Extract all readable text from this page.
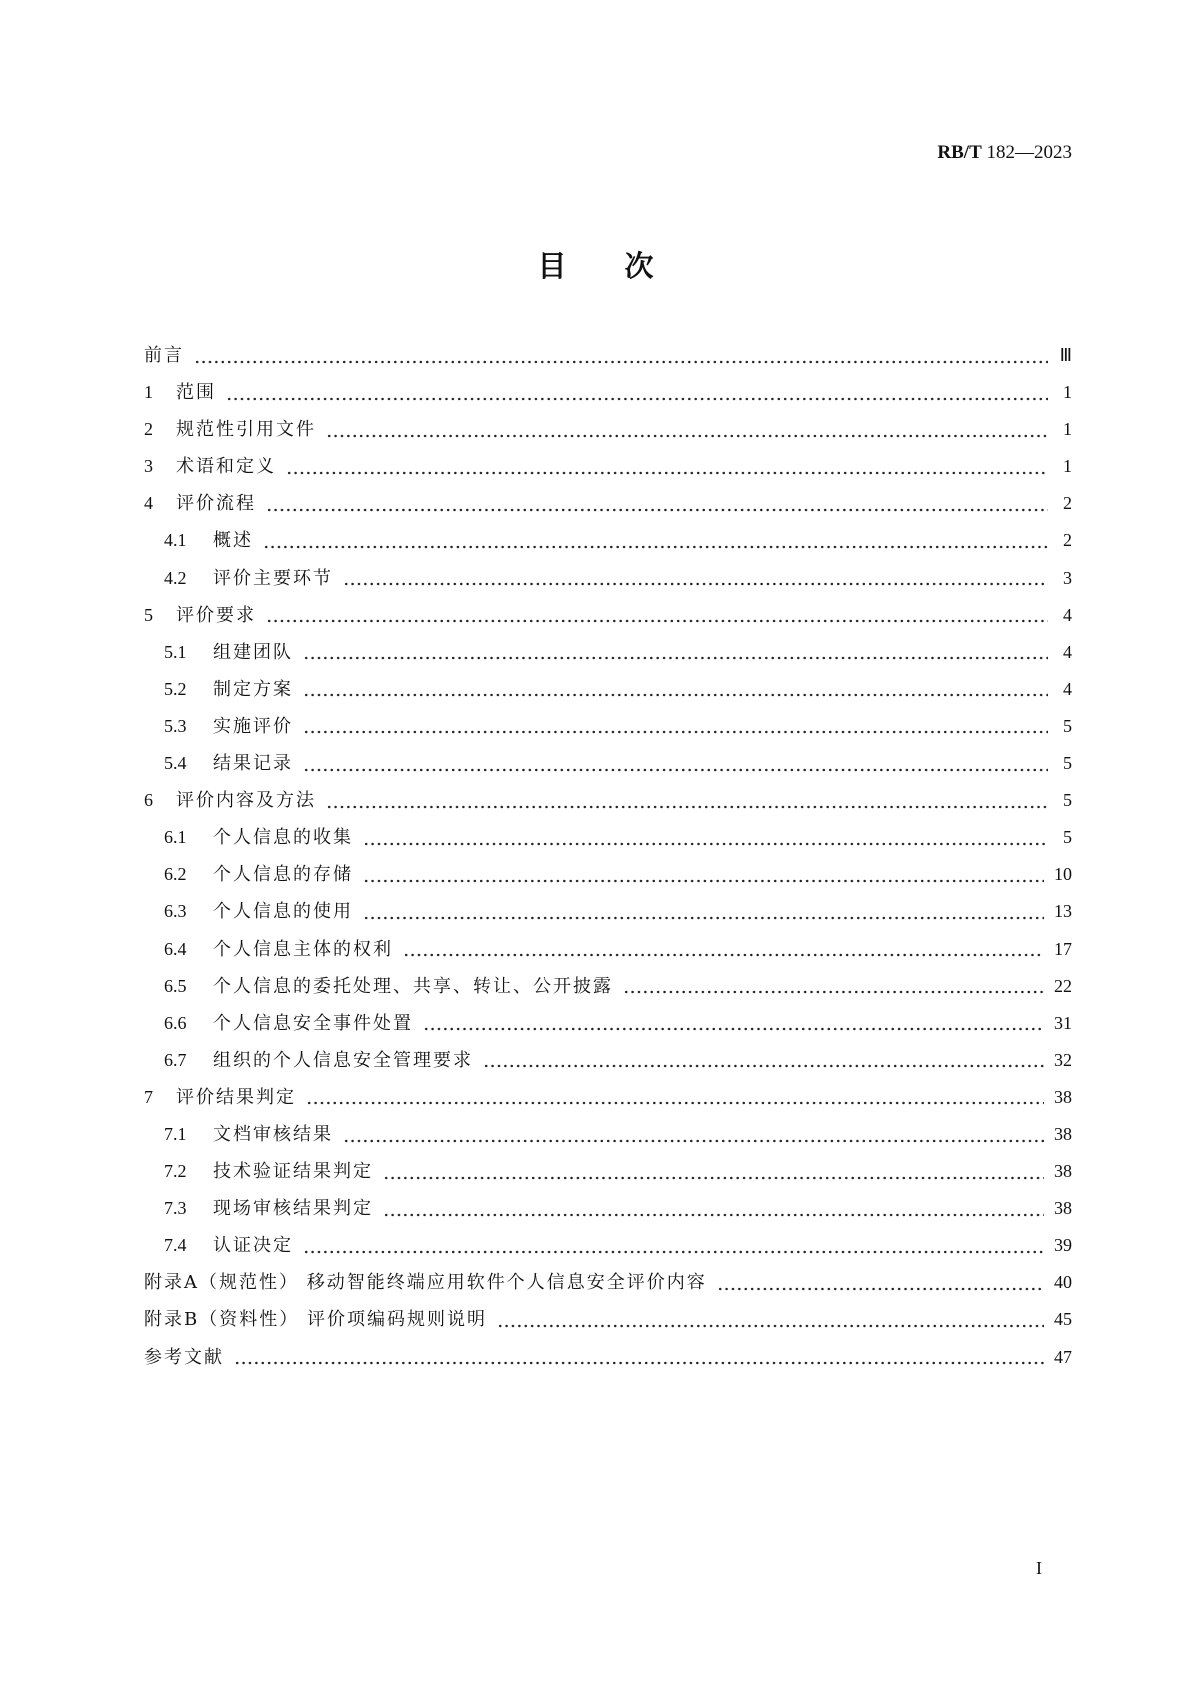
RB/T 182—2023
目次
前言	Ⅲ
1	范围	1
2	规范性引用文件	1
3	术语和定义	1
4	评价流程	2
4.1	概述	2
4.2	评价主要环节	3
5	评价要求	4
5.1	组建团队	4
5.2	制定方案	4
5.3	实施评价	5
5.4	结果记录	5
6	评价内容及方法	5
6.1	个人信息的收集	5
6.2	个人信息的存储	10
6.3	个人信息的使用	13
6.4	个人信息主体的权利	17
6.5	个人信息的委托处理、共享、转让、公开披露	22
6.6	个人信息安全事件处置	31
6.7	组织的个人信息安全管理要求	32
7	评价结果判定	38
7.1	文档审核结果	38
7.2	技术验证结果判定	38
7.3	现场审核结果判定	38
7.4	认证决定	39
附录A（规范性） 移动智能终端应用软件个人信息安全评价内容	40
附录B（资料性） 评价项编码规则说明	45
参考文献	47
I
